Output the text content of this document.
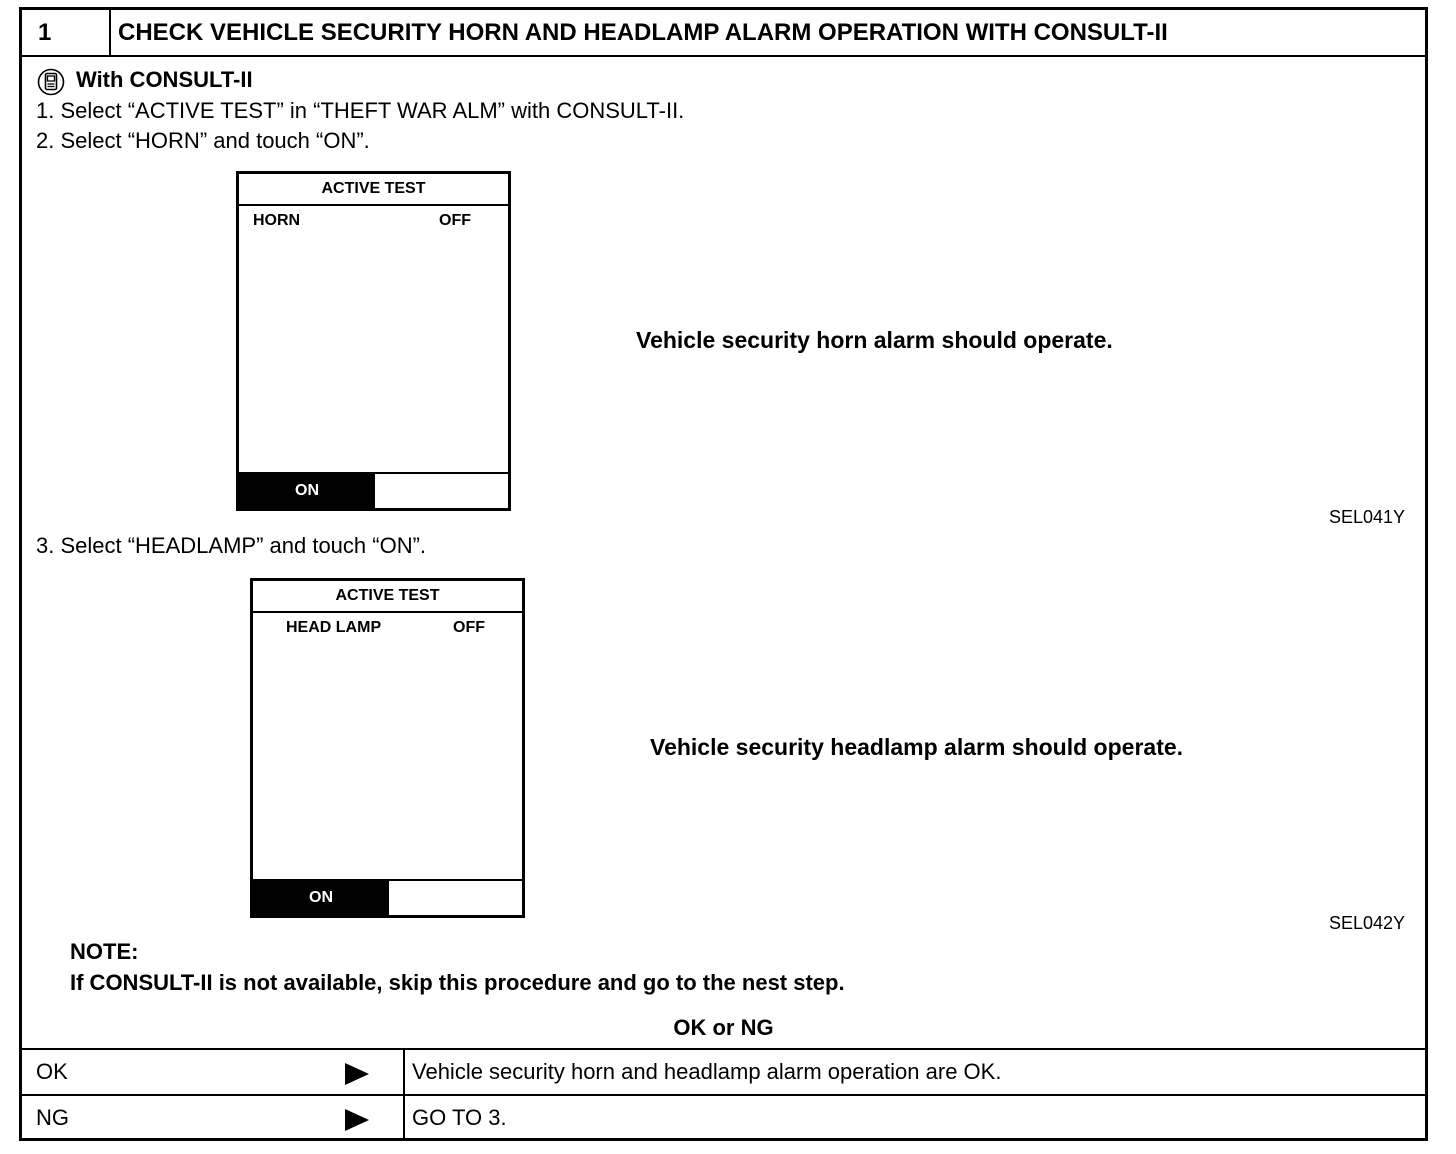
1	CHECK VEHICLE SECURITY HORN AND HEADLAMP ALARM OPERATION WITH CONSULT-II
With CONSULT-II
1. Select “ACTIVE TEST” in “THEFT WAR ALM” with CONSULT-II.
2. Select “HORN” and touch “ON”.
ACTIVE TEST
HORN	OFF
ON
Vehicle security horn alarm should operate.
SEL041Y
3. Select “HEADLAMP” and touch “ON”.
ACTIVE TEST
HEAD LAMP	OFF
ON
Vehicle security headlamp alarm should operate.
SEL042Y
NOTE:
If CONSULT-II is not available, skip this procedure and go to the nest step.
OK or NG
OK	Vehicle security horn and headlamp alarm operation are OK.
NG	GO TO 3.
